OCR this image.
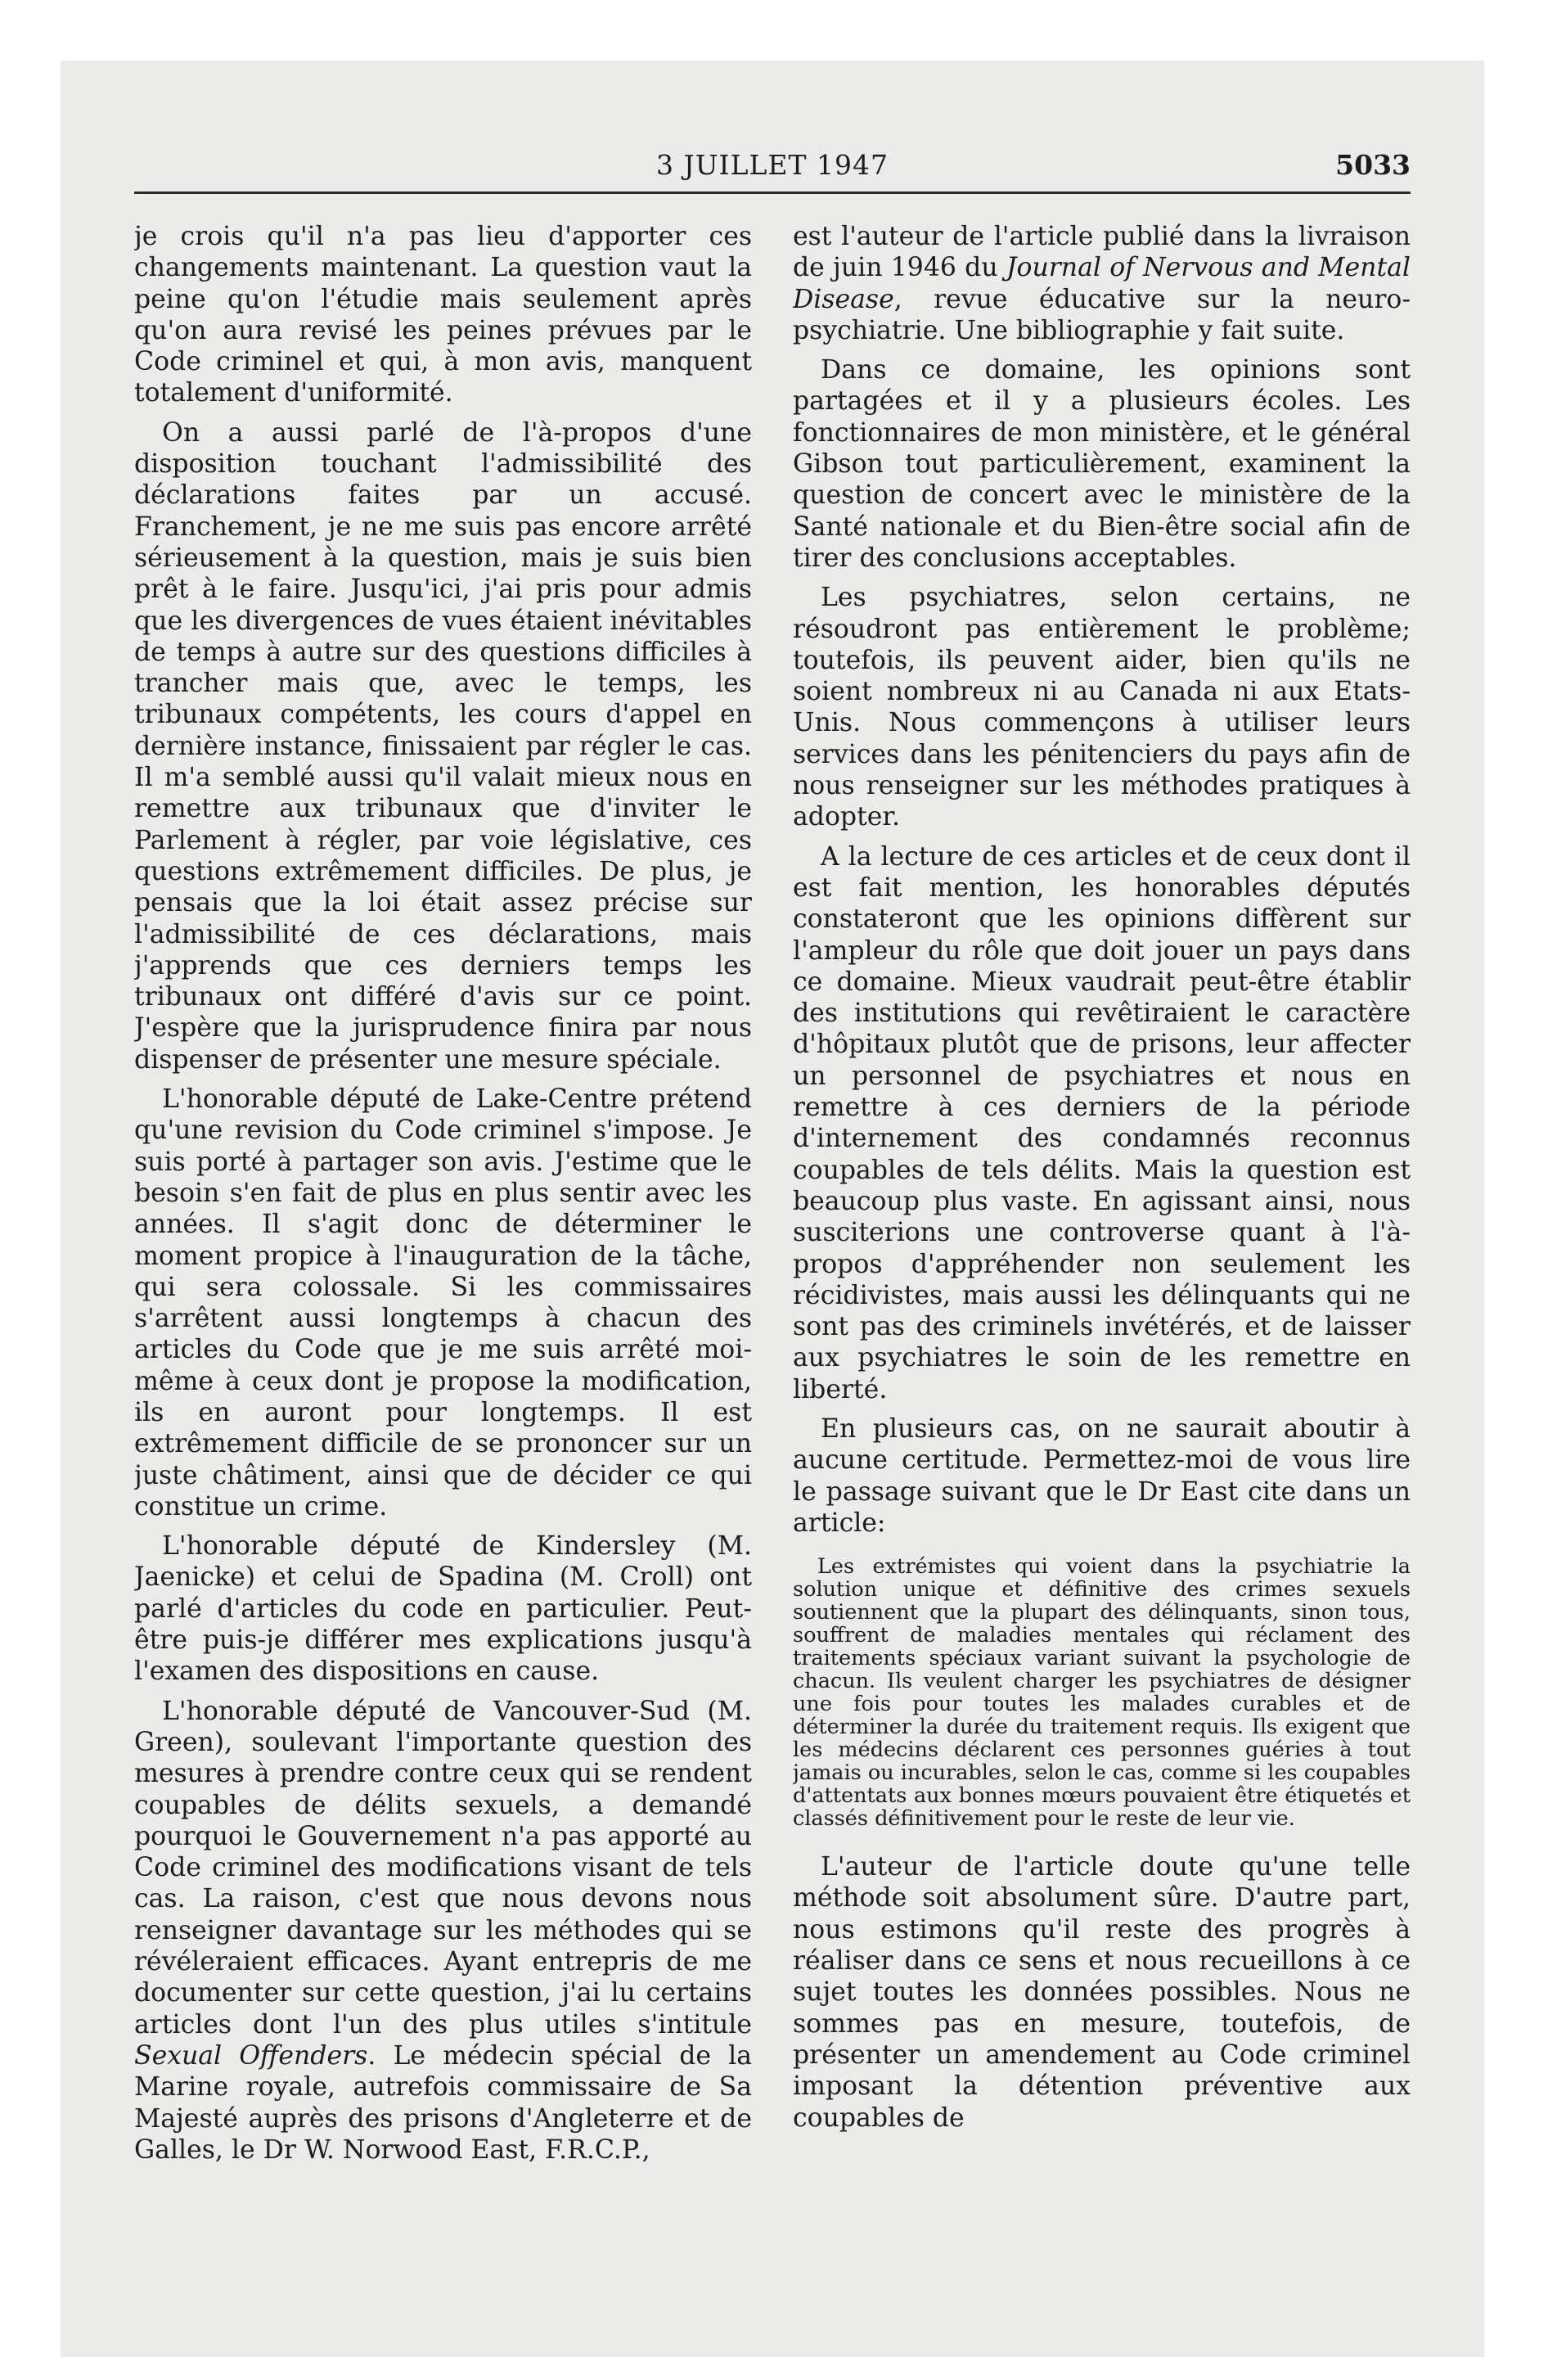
3 JUILLET 1947	5033

je crois qu'il n'a pas lieu d'apporter ces changements maintenant. La question vaut la peine qu'on l'étudie mais seulement après qu'on aura revisé les peines prévues par le Code criminel et qui, à mon avis, manquent totalement d'uniformité.

On a aussi parlé de l'à-propos d'une disposition touchant l'admissibilité des déclarations faites par un accusé. Franchement, je ne me suis pas encore arrêté sérieusement à la question, mais je suis bien prêt à le faire. Jusqu'ici, j'ai pris pour admis que les divergences de vues étaient inévitables de temps à autre sur des questions difficiles à trancher mais que, avec le temps, les tribunaux compétents, les cours d'appel en dernière instance, finissaient par régler le cas. Il m'a semblé aussi qu'il valait mieux nous en remettre aux tribunaux que d'inviter le Parlement à régler, par voie législative, ces questions extrêmement difficiles. De plus, je pensais que la loi était assez précise sur l'admissibilité de ces déclarations, mais j'apprends que ces derniers temps les tribunaux ont différé d'avis sur ce point. J'espère que la jurisprudence finira par nous dispenser de présenter une mesure spéciale.

L'honorable député de Lake-Centre prétend qu'une revision du Code criminel s'impose. Je suis porté à partager son avis. J'estime que le besoin s'en fait de plus en plus sentir avec les années. Il s'agit donc de déterminer le moment propice à l'inauguration de la tâche, qui sera colossale. Si les commissaires s'arrêtent aussi longtemps à chacun des articles du Code que je me suis arrêté moi-même à ceux dont je propose la modification, ils en auront pour longtemps. Il est extrêmement difficile de se prononcer sur un juste châtiment, ainsi que de décider ce qui constitue un crime.

L'honorable député de Kindersley (M. Jaenicke) et celui de Spadina (M. Croll) ont parlé d'articles du code en particulier. Peut-être puis-je différer mes explications jusqu'à l'examen des dispositions en cause.

L'honorable député de Vancouver-Sud (M. Green), soulevant l'importante question des mesures à prendre contre ceux qui se rendent coupables de délits sexuels, a demandé pourquoi le Gouvernement n'a pas apporté au Code criminel des modifications visant de tels cas. La raison, c'est que nous devons nous renseigner davantage sur les méthodes qui se révéleraient efficaces. Ayant entrepris de me documenter sur cette question, j'ai lu certains articles dont l'un des plus utiles s'intitule Sexual Offenders. Le médecin spécial de la Marine royale, autrefois commissaire de Sa Majesté auprès des prisons d'Angleterre et de Galles, le Dr W. Norwood East, F.R.C.P.,

est l'auteur de l'article publié dans la livraison de juin 1946 du Journal of Nervous and Mental Disease, revue éducative sur la neuro-psychiatrie. Une bibliographie y fait suite.

Dans ce domaine, les opinions sont partagées et il y a plusieurs écoles. Les fonctionnaires de mon ministère, et le général Gibson tout particulièrement, examinent la question de concert avec le ministère de la Santé nationale et du Bien-être social afin de tirer des conclusions acceptables.

Les psychiatres, selon certains, ne résoudront pas entièrement le problème; toutefois, ils peuvent aider, bien qu'ils ne soient nombreux ni au Canada ni aux Etats-Unis. Nous commençons à utiliser leurs services dans les pénitenciers du pays afin de nous renseigner sur les méthodes pratiques à adopter.

A la lecture de ces articles et de ceux dont il est fait mention, les honorables députés constateront que les opinions diffèrent sur l'ampleur du rôle que doit jouer un pays dans ce domaine. Mieux vaudrait peut-être établir des institutions qui revêtiraient le caractère d'hôpitaux plutôt que de prisons, leur affecter un personnel de psychiatres et nous en remettre à ces derniers de la période d'internement des condamnés reconnus coupables de tels délits. Mais la question est beaucoup plus vaste. En agissant ainsi, nous susciterions une controverse quant à l'à-propos d'appréhender non seulement les récidivistes, mais aussi les délinquants qui ne sont pas des criminels invétérés, et de laisser aux psychiatres le soin de les remettre en liberté.

En plusieurs cas, on ne saurait aboutir à aucune certitude. Permettez-moi de vous lire le passage suivant que le Dr East cite dans un article:

Les extrémistes qui voient dans la psychiatrie la solution unique et définitive des crimes sexuels soutiennent que la plupart des délinquants, sinon tous, souffrent de maladies mentales qui réclament des traitements spéciaux variant suivant la psychologie de chacun. Ils veulent charger les psychiatres de désigner une fois pour toutes les malades curables et de déterminer la durée du traitement requis. Ils exigent que les médecins déclarent ces personnes guéries à tout jamais ou incurables, selon le cas, comme si les coupables d'attentats aux bonnes mœurs pouvaient être étiquetés et classés définitivement pour le reste de leur vie.

L'auteur de l'article doute qu'une telle méthode soit absolument sûre. D'autre part, nous estimons qu'il reste des progrès à réaliser dans ce sens et nous recueillons à ce sujet toutes les données possibles. Nous ne sommes pas en mesure, toutefois, de présenter un amendement au Code criminel imposant la détention préventive aux coupables de
